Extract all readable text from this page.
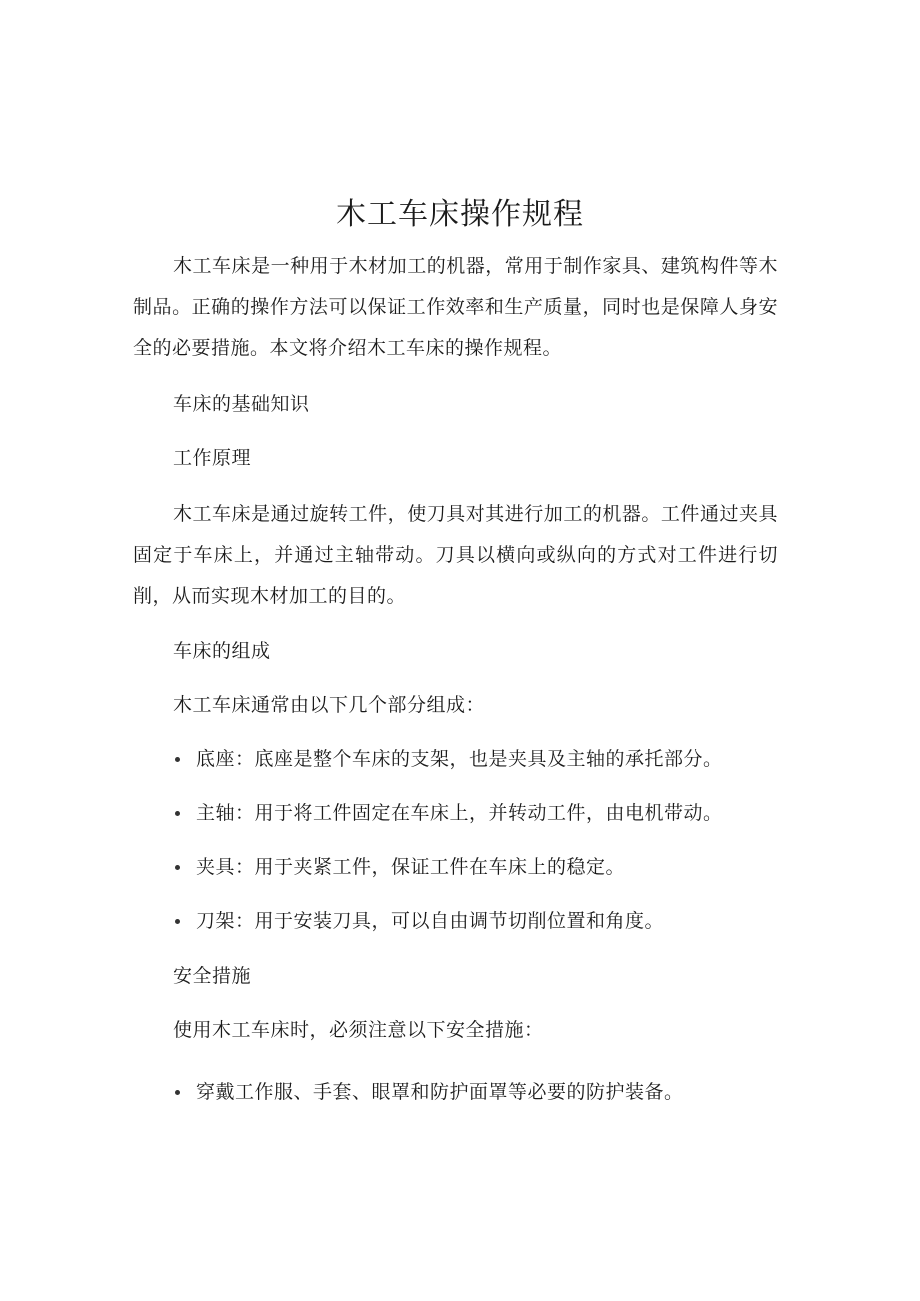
木工车床操作规程

木工车床是一种用于木材加工的机器，常用于制作家具、建筑构件等木制品。正确的操作方法可以保证工作效率和生产质量，同时也是保障人身安全的必要措施。本文将介绍木工车床的操作规程。

车床的基础知识

工作原理

木工车床是通过旋转工件，使刀具对其进行加工的机器。工件通过夹具固定于车床上，并通过主轴带动。刀具以横向或纵向的方式对工件进行切削，从而实现木材加工的目的。

车床的组成

木工车床通常由以下几个部分组成：

底座：底座是整个车床的支架，也是夹具及主轴的承托部分。
主轴：用于将工件固定在车床上，并转动工件，由电机带动。
夹具：用于夹紧工件，保证工件在车床上的稳定。
刀架：用于安装刀具，可以自由调节切削位置和角度。

安全措施

使用木工车床时，必须注意以下安全措施：

穿戴工作服、手套、眼罩和防护面罩等必要的防护装备。
